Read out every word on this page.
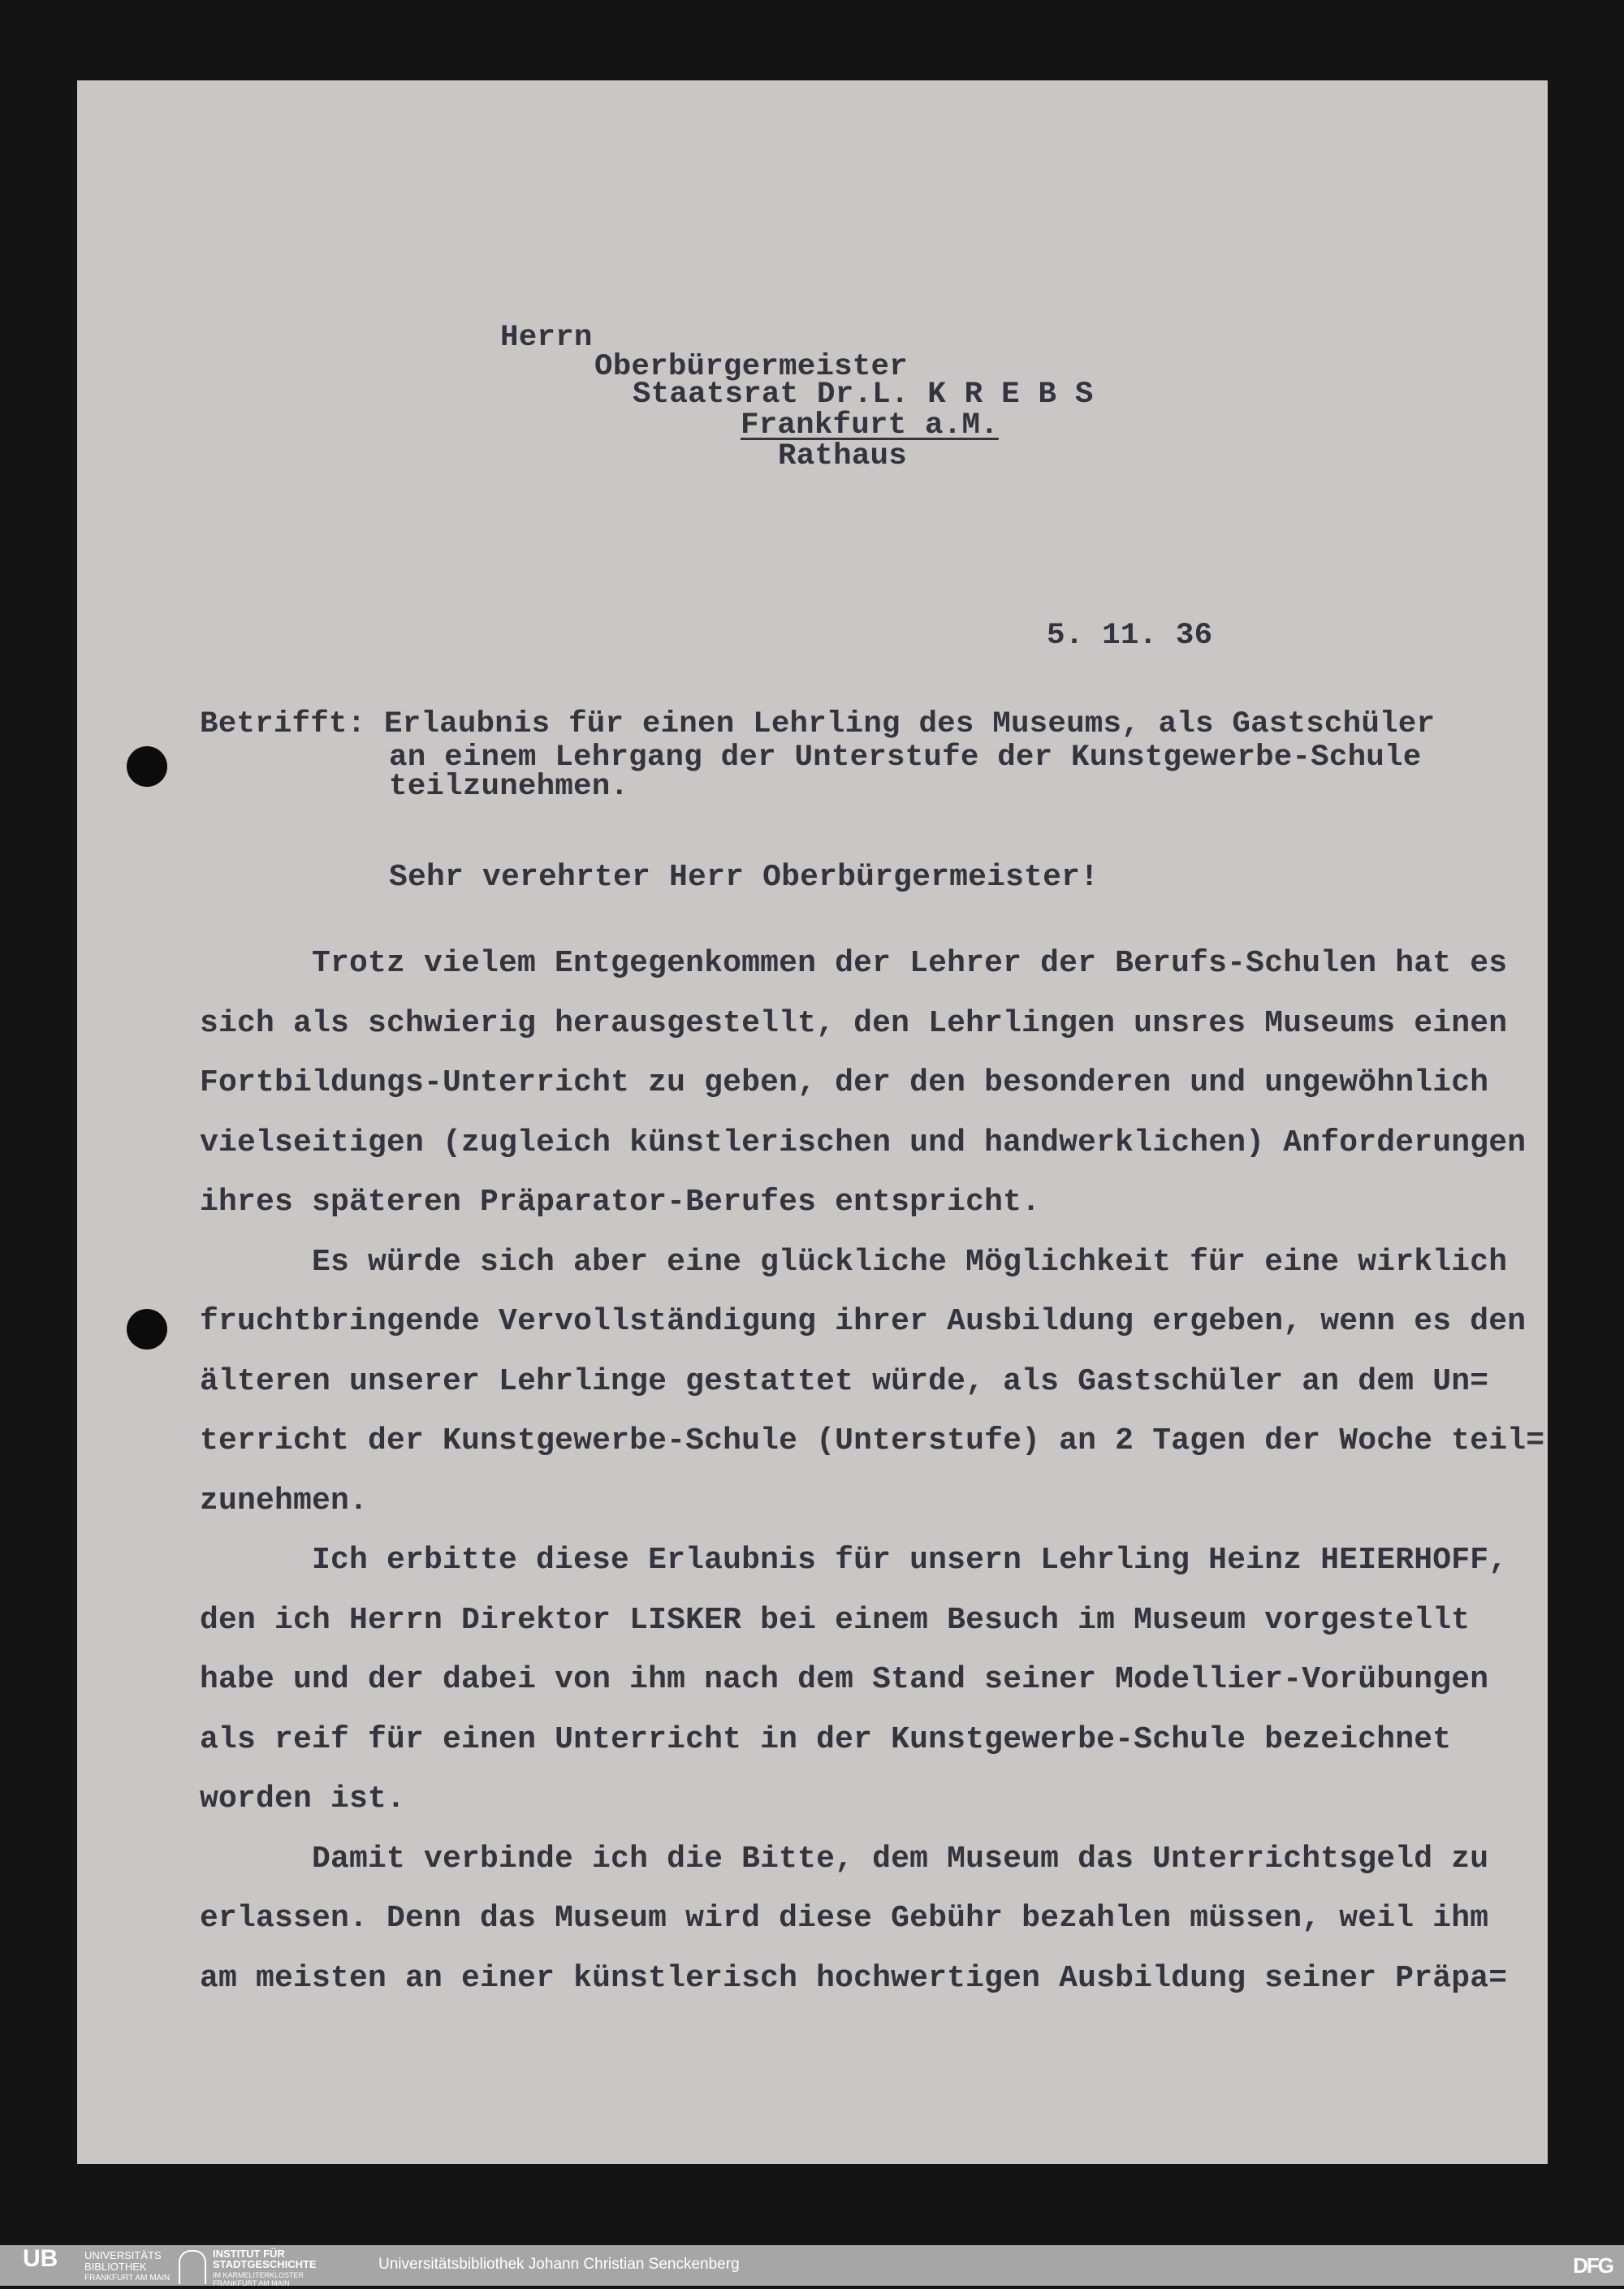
Herrn
Oberbürgermeister
Staatsrat Dr.L. K R E B S
Frankfurt a.M.
Rathaus
5. 11. 36
Betrifft: Erlaubnis für einen Lehrling des Museums, als Gastschüler
an einem Lehrgang der Unterstufe der Kunstgewerbe-Schule
teilzunehmen.
Sehr verehrter Herr Oberbürgermeister!
Trotz vielem Entgegenkommen der Lehrer der Berufs-Schulen hat es
sich als schwierig herausgestellt, den Lehrlingen unsres Museums einen
Fortbildungs-Unterricht zu geben, der den besonderen und ungewöhnlich
vielseitigen (zugleich künstlerischen und handwerklichen) Anforderungen
ihres späteren Präparator-Berufes entspricht.
Es würde sich aber eine glückliche Möglichkeit für eine wirklich
fruchtbringende Vervollständigung ihrer Ausbildung ergeben, wenn es den
älteren unserer Lehrlinge gestattet würde, als Gastschüler an dem Un=
terricht der Kunstgewerbe-Schule (Unterstufe) an 2 Tagen der Woche teil=
zunehmen.
Ich erbitte diese Erlaubnis für unsern Lehrling Heinz HEIERHOFF,
den ich Herrn Direktor LISKER bei einem Besuch im Museum vorgestellt
habe und der dabei von ihm nach dem Stand seiner Modellier-Vorübungen
als reif für einen Unterricht in der Kunstgewerbe-Schule bezeichnet
worden ist.
Damit verbinde ich die Bitte, dem Museum das Unterrichtsgeld zu
erlassen. Denn das Museum wird diese Gebühr bezahlen müssen, weil ihm
am meisten an einer künstlerisch hochwertigen Ausbildung seiner Präpa=
UB	UNIVERSITÄTS
BIBLIOTHEK
FRANKFURT AM MAIN
INSTITUT FÜR
STADTGESCHICHTE
IM KARMELITERKLOSTER
FRANKFURT AM MAIN
Universitätsbibliothek Johann Christian Senckenberg	DFG
